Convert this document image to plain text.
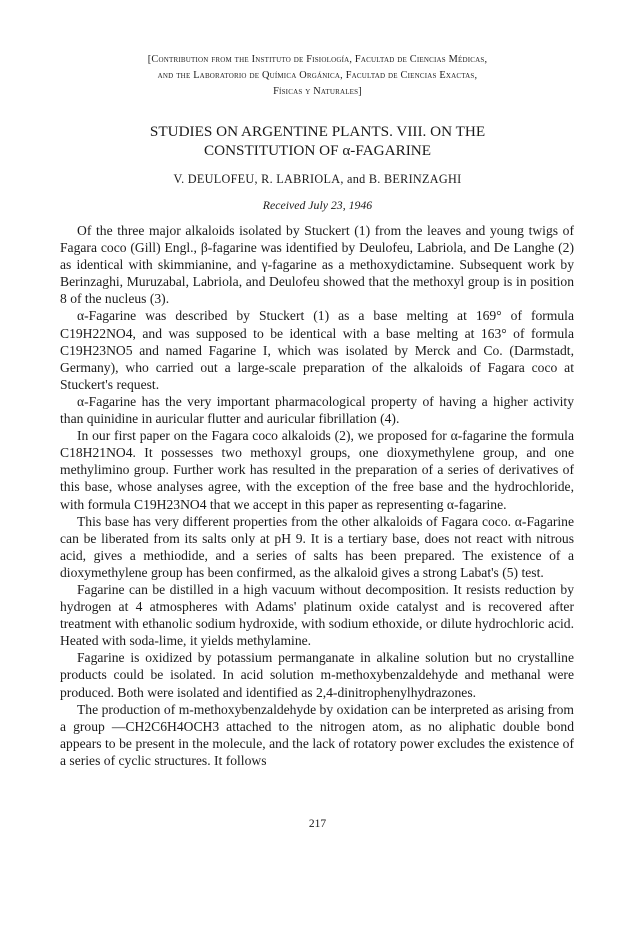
[Contribution from the Instituto de Fisiología, Facultad de Ciencias Médicas,
and the Laboratorio de Química Orgánica, Facultad de Ciencias Exactas,
Físicas y Naturales]
STUDIES ON ARGENTINE PLANTS. VIII. ON THE
CONSTITUTION OF α-FAGARINE
V. DEULOFEU, R. LABRIOLA, and B. BERINZAGHI
Received July 23, 1946

Of the three major alkaloids isolated by Stuckert (1) from the leaves and young twigs of Fagara coco (Gill) Engl., β-fagarine was identified by Deulofeu, Labriola, and De Langhe (2) as identical with skimmianine, and γ-fagarine as a methoxydictamine. Subsequent work by Berinzaghi, Muruzabal, Labriola, and Deulofeu showed that the methoxyl group is in position 8 of the nucleus (3).

α-Fagarine was described by Stuckert (1) as a base melting at 169° of formula C19H22NO4, and was supposed to be identical with a base melting at 163° of formula C19H23NO5 and named Fagarine I, which was isolated by Merck and Co. (Darmstadt, Germany), who carried out a large-scale preparation of the alkaloids of Fagara coco at Stuckert's request.

α-Fagarine has the very important pharmacological property of having a higher activity than quinidine in auricular flutter and auricular fibrillation (4).

In our first paper on the Fagara coco alkaloids (2), we proposed for α-fagarine the formula C18H21NO4. It possesses two methoxyl groups, one dioxymethylene group, and one methylimino group. Further work has resulted in the preparation of a series of derivatives of this base, whose analyses agree, with the exception of the free base and the hydrochloride, with formula C19H23NO4 that we accept in this paper as representing α-fagarine.

This base has very different properties from the other alkaloids of Fagara coco. α-Fagarine can be liberated from its salts only at pH 9. It is a tertiary base, does not react with nitrous acid, gives a methiodide, and a series of salts has been prepared. The existence of a dioxymethylene group has been confirmed, as the alkaloid gives a strong Labat's (5) test.

Fagarine can be distilled in a high vacuum without decomposition. It resists reduction by hydrogen at 4 atmospheres with Adams' platinum oxide catalyst and is recovered after treatment with ethanolic sodium hydroxide, with sodium ethoxide, or dilute hydrochloric acid. Heated with soda-lime, it yields methylamine.

Fagarine is oxidized by potassium permanganate in alkaline solution but no crystalline products could be isolated. In acid solution m-methoxybenzaldehyde and methanal were produced. Both were isolated and identified as 2,4-dinitrophenylhydrazones.

The production of m-methoxybenzaldehyde by oxidation can be interpreted as arising from a group —CH2C6H4OCH3 attached to the nitrogen atom, as no aliphatic double bond appears to be present in the molecule, and the lack of rotatory power excludes the existence of a series of cyclic structures. It follows

217
